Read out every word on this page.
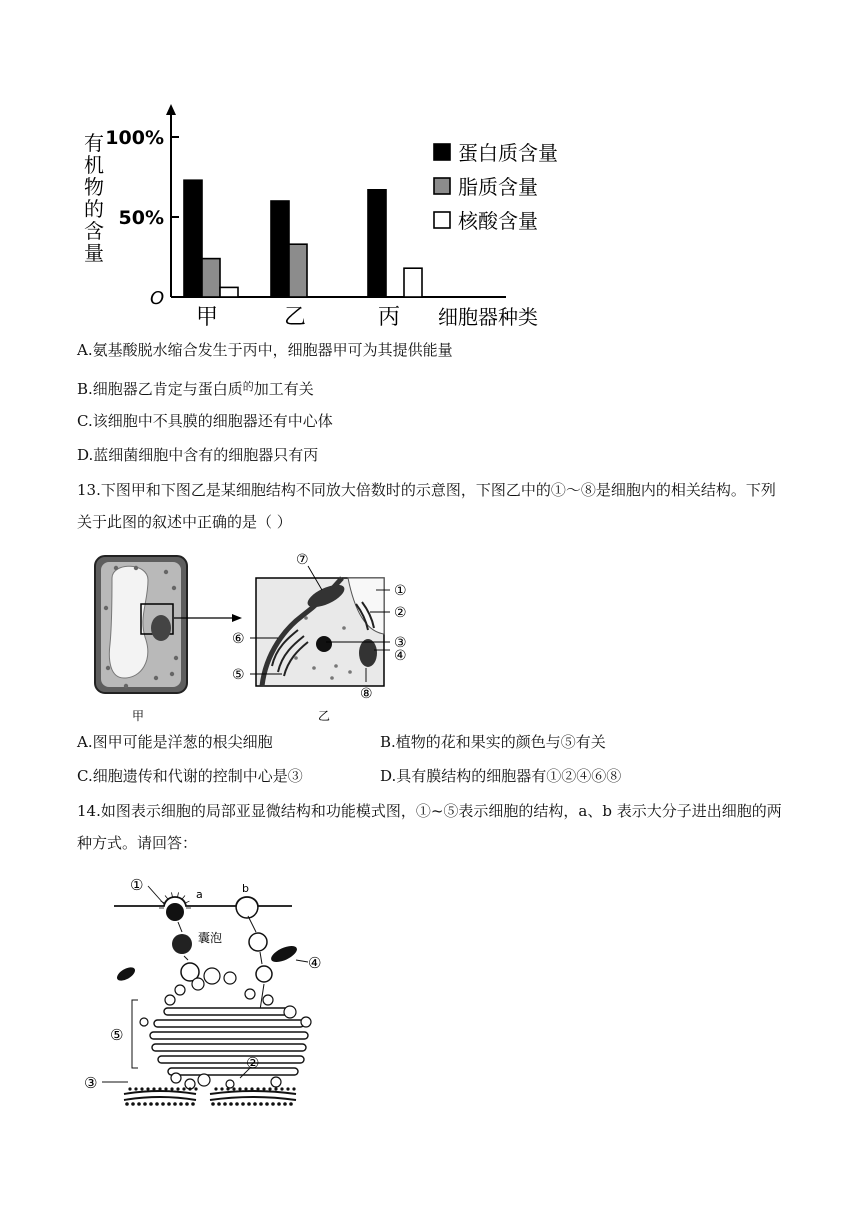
有
机
物
的
含
量
100%
50%
O
甲	乙	丙 细胞器种类
蛋白质含量
脂质含量
核酸含量
A.氨基酸脱水缩合发生于丙中，细胞器甲可为其提供能量
B.细胞器乙肯定与蛋白质$^的$加工有关
C.该细胞中不具膜的细胞器还有中心体
D.蓝细菌细胞中含有的细胞器只有丙
13.下图甲和下图乙是某细胞结构不同放大倍数时的示意图，下图乙中的①～⑧是细胞内的相关结构。下列关于此图的叙述中正确的是（ ）
甲	乙
①
②
③
④
⑤
⑥
⑦
⑧
A.图甲可能是洋葱的根尖细胞	B.植物的花和果实的颜色与⑤有关
C.细胞遗传和代谢的控制中心是③	D.具有膜结构的细胞器有①②④⑥⑧
14.如图表示细胞的局部亚显微结构和功能模式图，①~⑤表示细胞的结构，a、b 表示大分子进出细胞的两种方式。请回答：
①
a	b
囊泡
④
⑤
③
②
